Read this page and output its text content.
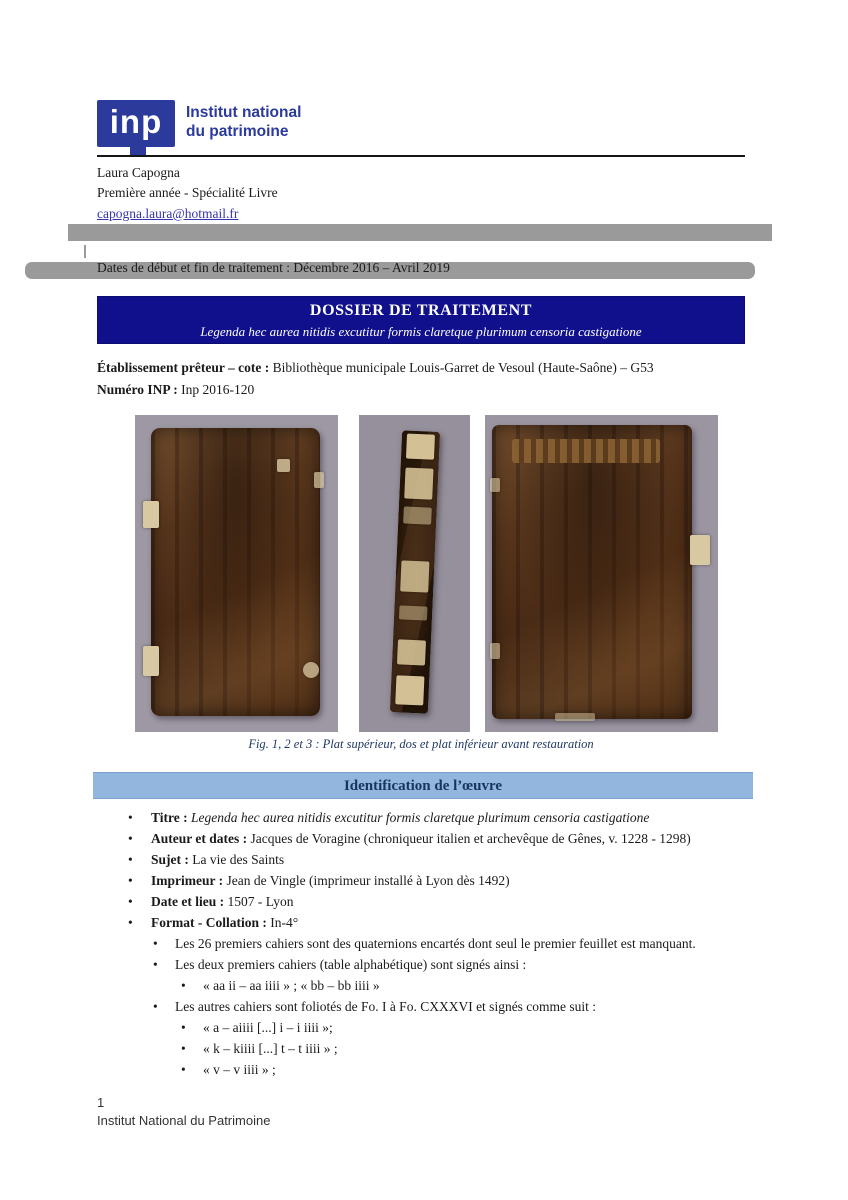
inp Institut national
du patrimoine
Laura Capogna
Première année - Spécialité Livre
capogna.laura@hotmail.fr
Dates de début et fin de traitement : Décembre 2016 – Avril 2019
DOSSIER DE TRAITEMENT
Legenda hec aurea nitidis excutitur formis claretque plurimum censoria castigatione
Établissement prêteur – cote : Bibliothèque municipale Louis-Garret de Vesoul (Haute-Saône) – G53
Numéro INP : Inp 2016-120
Fig. 1, 2 et 3 : Plat supérieur, dos et plat inférieur avant restauration
Identification de l’œuvre
•	Titre : Legenda hec aurea nitidis excutitur formis claretque plurimum censoria castigatione
•	Auteur et dates : Jacques de Voragine (chroniqueur italien et archevêque de Gênes, v. 1228 - 1298)
•	Sujet : La vie des Saints
•	Imprimeur : Jean de Vingle (imprimeur installé à Lyon dès 1492)
•	Date et lieu : 1507 - Lyon
•	Format - Collation : In-4°
•	Les 26 premiers cahiers sont des quaternions encartés dont seul le premier feuillet est manquant.
•	Les deux premiers cahiers (table alphabétique) sont signés ainsi :
•	« aa ii – aa iiii » ; « bb – bb iiii »
•	Les autres cahiers sont foliotés de Fo. I à Fo. CXXXVI et signés comme suit :
•	« a – aiiii [...] i – i iiii »;
•	« k – kiiii [...] t – t iiii » ;
•	« v – v iiii » ;
1
Institut National du Patrimoine
